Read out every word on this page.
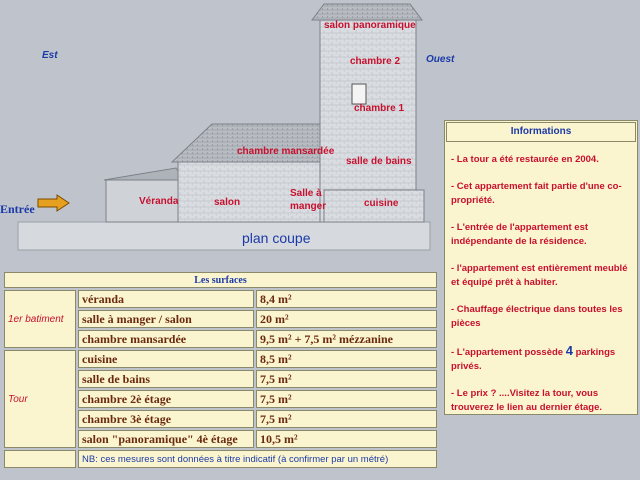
Est	Ouest
salon panoramique
chambre 2
chambre 1
chambre mansardée
salle de bains
Véranda	salon
Salle à
manger	cuisine
Entrée
plan coupe
Informations

- La tour a été restaurée en 2004.

- Cet appartement fait partie d'une co-propriété.

- L'entrée de l'appartement est indépendante de la résidence.

- l'appartement est entièrement meublé et équipé prêt à habiter.

- Chauffage électrique dans toutes les pièces

- L'appartement possède 4 parkings privés.

- Le prix ? ....Visitez la tour, vous trouverez le lien au dernier étage.

Les surfaces		
1er batiment	véranda	8,4 m²
	salle à manger / salon	20 m²
	chambre mansardée	9,5 m² + 7,5 m² mézzanine
Tour	cuisine	8,5 m²
	salle de bains	7,5 m²
	chambre 2è étage	7,5 m²
	chambre 3è étage	7,5 m²
	salon "panoramique" 4è étage	10,5 m²
	NB: ces mesures sont données à titre indicatif (à confirmer par un métré)	
